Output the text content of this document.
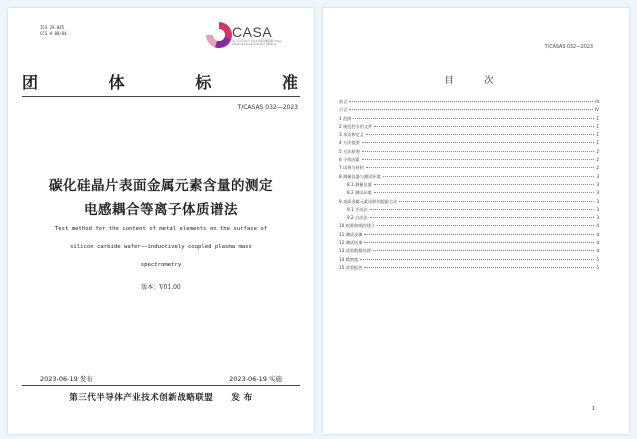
ICS 29.045
CCS H 80/84	CASA
第三代半导体产业技术创新战略联盟 China Advanced Semiconductor Alliance
团	体	标	准
T/CASAS 032—2023
碳化硅晶片表面金属元素含量的测定
电感耦合等离子体质谱法
Test method for the content of metal elements on the surface of
silicon carbide wafer——inductively coupled plasma mass
spectrometry
版本：V01.00
2023-06-19 发布	2023-06-19 实施
第三代半导体产业技术创新战略联盟　　发 布
T/CASAS 032—2023
目 次
前言	III
引言	IV
1 范围	1
2 规范性引用文件	1
3 术语和定义	1
4 方法提要	1
5 方法原理	2
6 干扰因素	2
7 试剂与材料	2
8 测量仪器与测试环境	3
8.1 测量仪器	3
8.2 测试环境	3
9 表面金属元素试样的提取方法	3
9.1 手动法	3
9.2 自动法	3
10 校准曲线的建立	4
11 测试步骤	4
12 测试结果	4
13 试验数据处理	4
14 精密度	5
15 试验报告	5
1
